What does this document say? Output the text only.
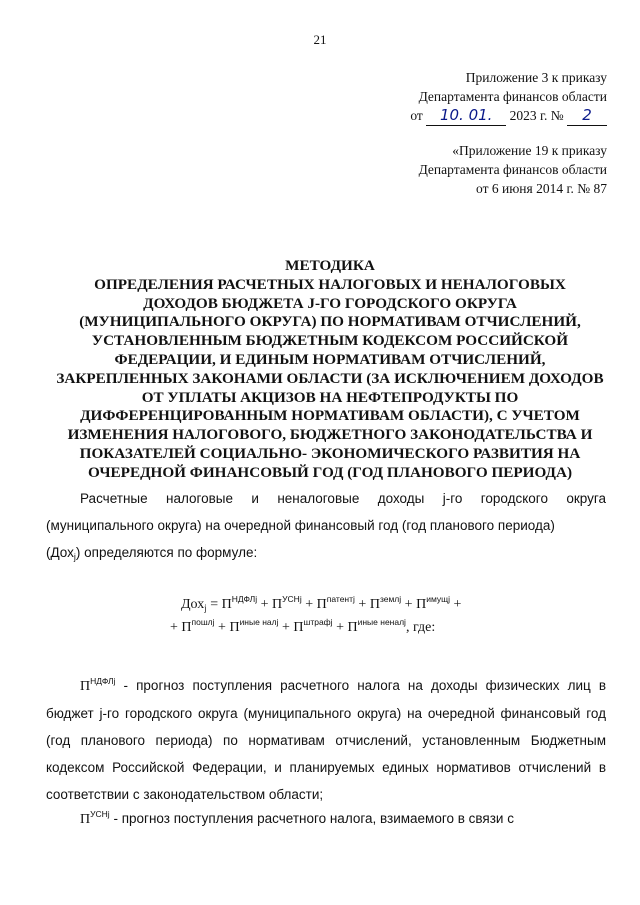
21
Приложение 3 к приказу
Департамента финансов области
от 10. 01. 2023 г. № 2
«Приложение 19 к приказу
Департамента финансов области
от 6 июня 2014 г. № 87
МЕТОДИКА
ОПРЕДЕЛЕНИЯ РАСЧЕТНЫХ НАЛОГОВЫХ И НЕНАЛОГОВЫХ
ДОХОДОВ БЮДЖЕТА J-ГО ГОРОДСКОГО ОКРУГА
(МУНИЦИПАЛЬНОГО ОКРУГА) ПО НОРМАТИВАМ ОТЧИСЛЕНИЙ,
УСТАНОВЛЕННЫМ БЮДЖЕТНЫМ КОДЕКСОМ РОССИЙСКОЙ
ФЕДЕРАЦИИ, И ЕДИНЫМ НОРМАТИВАМ ОТЧИСЛЕНИЙ,
ЗАКРЕПЛЕННЫХ ЗАКОНАМИ ОБЛАСТИ (ЗА ИСКЛЮЧЕНИЕМ ДОХОДОВ
ОТ УПЛАТЫ АКЦИЗОВ НА НЕФТЕПРОДУКТЫ ПО
ДИФФЕРЕНЦИРОВАННЫМ НОРМАТИВАМ ОБЛАСТИ), С УЧЕТОМ
ИЗМЕНЕНИЯ НАЛОГОВОГО, БЮДЖЕТНОГО ЗАКОНОДАТЕЛЬСТВА И
ПОКАЗАТЕЛЕЙ СОЦИАЛЬНО- ЭКОНОМИЧЕСКОГО РАЗВИТИЯ НА
ОЧЕРЕДНОЙ ФИНАНСОВЫЙ ГОД (ГОД ПЛАНОВОГО ПЕРИОДА)
Расчетные налоговые и неналоговые доходы j-го городского округа (муниципального округа) на очередной финансовый год (год планового периода)
(Дох$_j$) определяются по формуле:
$Дох_j = П^{НДФЛj} + П^{УСНj} + П^{патентj} + П^{землj} + П^{имущj}$ +
+ $П^{пошлj} + П^{иные налj} + П^{штрафj} + П^{иные неналj}$, где:
$П^{НДФЛj}$ - прогноз поступления расчетного налога на доходы физических лиц в бюджет j-го городского округа (муниципального округа) на очередной финансовый год (год планового периода) по нормативам отчислений, установленным Бюджетным кодексом Российской Федерации, и планируемых единых нормативов отчислений в соответствии с законодательством области;
$П^{УСНj}$ - прогноз поступления расчетного налога, взимаемого в связи с
